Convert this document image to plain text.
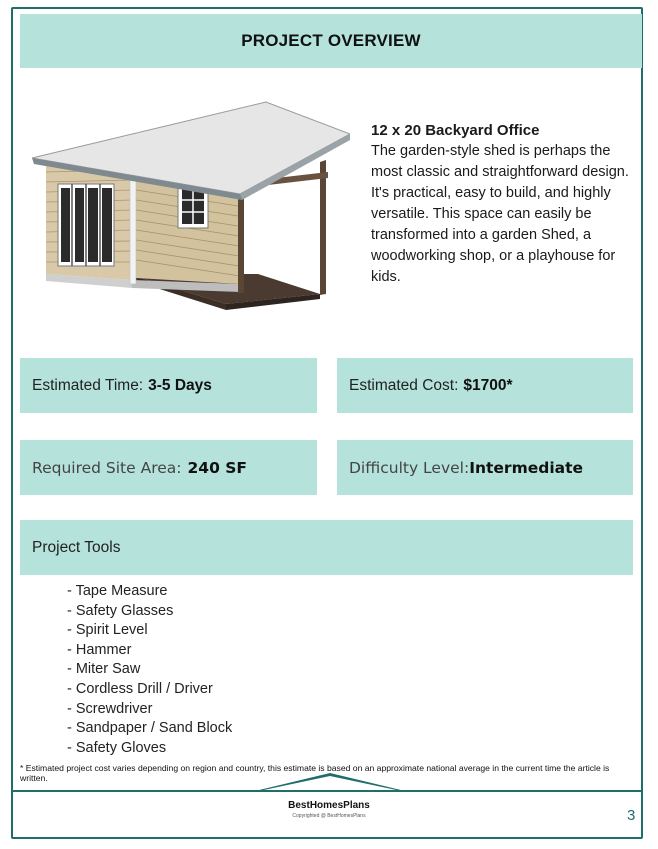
PROJECT OVERVIEW
12 x 20 Backyard Office
The garden-style shed is perhaps the most classic and straightforward design. It's practical, easy to build, and highly versatile. This space can easily be transformed into a garden Shed, a woodworking shop, or a playhouse for kids.
Estimated Time: 3-5 Days	Estimated Cost: $1700*
Required Site Area: 240 SF	Difficulty Level: Intermediate
Project Tools
- Tape Measure
- Safety Glasses
- Spirit Level
- Hammer
- Miter Saw
- Cordless Drill / Driver
- Screwdriver
- Sandpaper / Sand Block
- Safety Gloves
* Estimated project cost varies depending on region and country, this estimate is based on an approximate national average in the current time the article is written.
BestHomesPlans
Copyrighted @ BestHomesPlans	3
